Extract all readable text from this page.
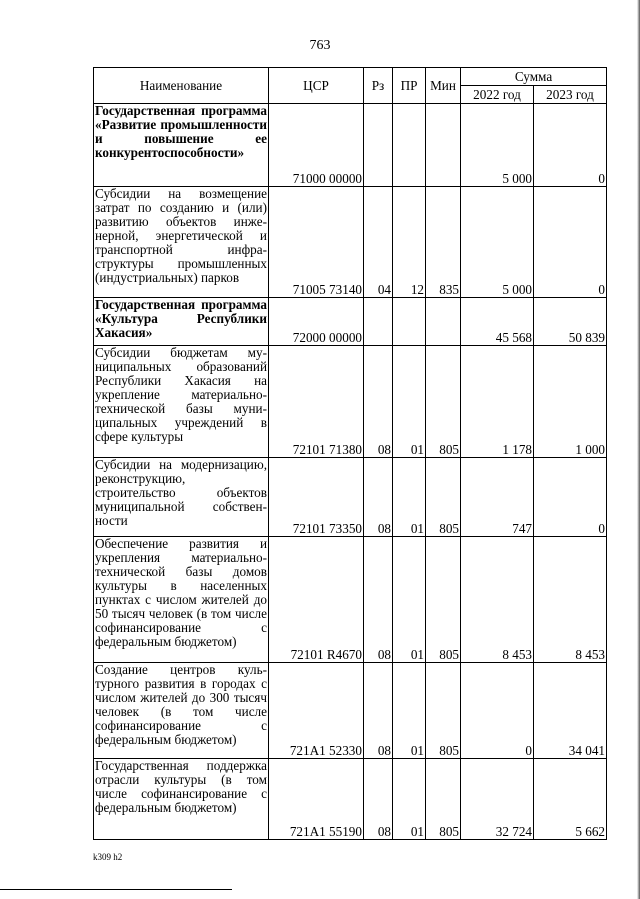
763
Наименование	ЦСР	Рз	ПР	Мин	Сумма	
					2022 год	2023 год
Государственная программа «Развитие промышленности и повышение ее конкурентоспособности»	71000 00000				5 000	0
Субсидии на возмещение затрат по созданию и (или) развитию объектов инженерной, энергетической и транспортной инфраструктуры промышленных (индустриальных) парков	71005 73140	04	12	835	5 000	0
Государственная программа «Культура Республики Хакасия»	72000 00000				45 568	50 839
Субсидии бюджетам муниципальных образований Республики Хакасия на укрепление материально-технической базы муниципальных учреждений в сфере культуры	72101 71380	08	01	805	1 178	1 000
Субсидии на модернизацию, реконструкцию, строительство объектов муниципальной собственности	72101 73350	08	01	805	747	0
Обеспечение развития и укрепления материально-технической базы домов культуры в населенных пунктах с числом жителей до 50 тысяч человек (в том числе софинансирование с федеральным бюджетом)	72101 R4670	08	01	805	8 453	8 453
Создание центров культурного развития в городах с числом жителей до 300 тысяч человек (в том числе софинансирование с федеральным бюджетом)	721A1 52330	08	01	805	0	34 041
Государственная поддержка отрасли культуры (в том числе софинансирование с федеральным бюджетом)	721A1 55190	08	01	805	32 724	5 662
k309 h2
